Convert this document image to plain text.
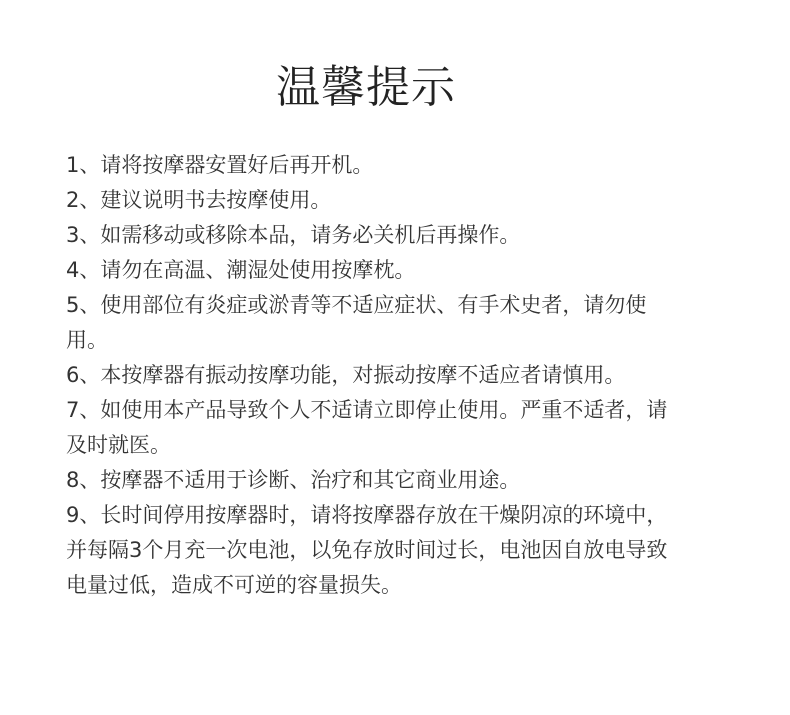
温馨提示
1、请将按摩器安置好后再开机。
2、建议说明书去按摩使用。
3、如需移动或移除本品，请务必关机后再操作。
4、请勿在高温、潮湿处使用按摩枕。
5、使用部位有炎症或淤青等不适应症状、有手术史者，请勿使用。
6、本按摩器有振动按摩功能，对振动按摩不适应者请慎用。
7、如使用本产品导致个人不适请立即停止使用。严重不适者，请及时就医。
8、按摩器不适用于诊断、治疗和其它商业用途。
9、长时间停用按摩器时，请将按摩器存放在干燥阴凉的环境中，并每隔3个月充一次电池，以免存放时间过长，电池因自放电导致电量过低，造成不可逆的容量损失。
